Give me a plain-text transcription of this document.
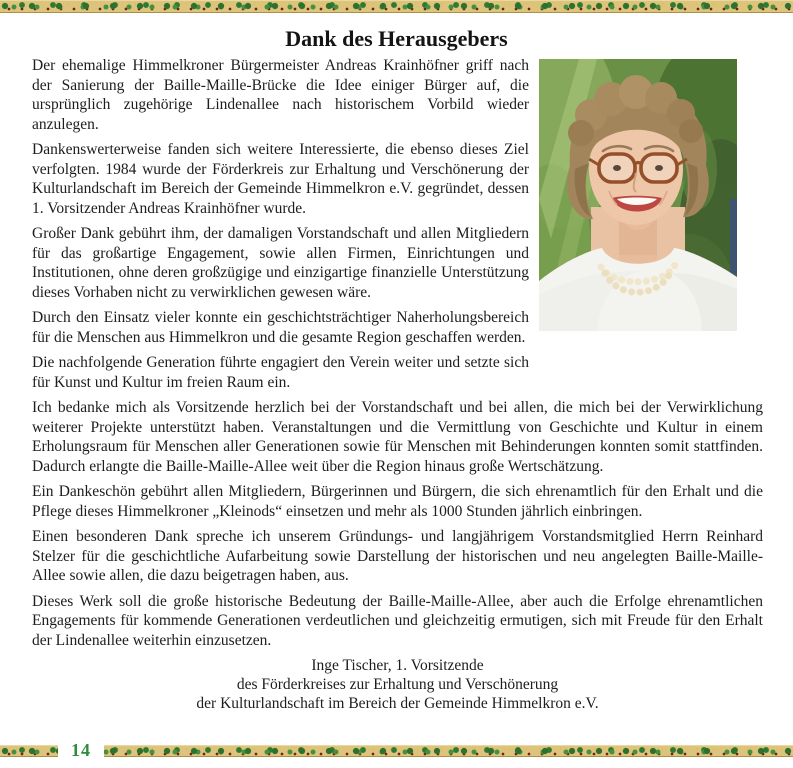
Dank des Herausgebers

Der ehemalige Himmelkroner Bürgermeister Andreas Krainhöfner griff nach der Sanierung der Baille-Maille-Brücke die Idee einiger Bürger auf, die ursprünglich zugehörige Lindenallee nach historischem Vorbild wieder anzulegen.

Dankenswerterweise fanden sich weitere Interessierte, die ebenso dieses Ziel verfolgten. 1984 wurde der Förderkreis zur Erhaltung und Verschönerung der Kulturlandschaft im Bereich der Gemeinde Himmelkron e.V. gegründet, dessen 1. Vorsitzender Andreas Krainhöfner wurde.

Großer Dank gebührt ihm, der damaligen Vorstandschaft und allen Mitgliedern für das großartige Engagement, sowie allen Firmen, Einrichtungen und Institutionen, ohne deren großzügige und einzigartige finanzielle Unterstützung dieses Vorhaben nicht zu verwirklichen gewesen wäre.

Durch den Einsatz vieler konnte ein geschichtsträchtiger Naherholungsbereich für die Menschen aus Himmelkron und die gesamte Region geschaffen werden.

Die nachfolgende Generation führte engagiert den Verein weiter und setzte sich für Kunst und Kultur im freien Raum ein.

Ich bedanke mich als Vorsitzende herzlich bei der Vorstandschaft und bei allen, die mich bei der Verwirklichung weiterer Projekte unterstützt haben. Veranstaltungen und die Vermittlung von Geschichte und Kultur in einem Erholungsraum für Menschen aller Generationen sowie für Menschen mit Behinderungen konnten somit stattfinden. Dadurch erlangte die Baille-Maille-Allee weit über die Region hinaus große Wertschätzung.

Ein Dankeschön gebührt allen Mitgliedern, Bürgerinnen und Bürgern, die sich ehrenamtlich für den Erhalt und die Pflege dieses Himmelkroner „Kleinods“ einsetzen und mehr als 1000 Stunden jährlich einbringen.

Einen besonderen Dank spreche ich unserem Gründungs- und langjährigem Vorstandsmitglied Herrn Reinhard Stelzer für die geschichtliche Aufarbeitung sowie Darstellung der historischen und neu angelegten Baille-Maille-Allee sowie allen, die dazu beigetragen haben, aus.

Dieses Werk soll die große historische Bedeutung der Baille-Maille-Allee, aber auch die Erfolge ehrenamtlichen Engagements für kommende Generationen verdeutlichen und gleichzeitig ermutigen, sich mit Freude für den Erhalt der Lindenallee weiterhin einzusetzen.

Inge Tischer, 1. Vorsitzende
des Förderkreises zur Erhaltung und Verschönerung
der Kulturlandschaft im Bereich der Gemeinde Himmelkron e.V.
14
